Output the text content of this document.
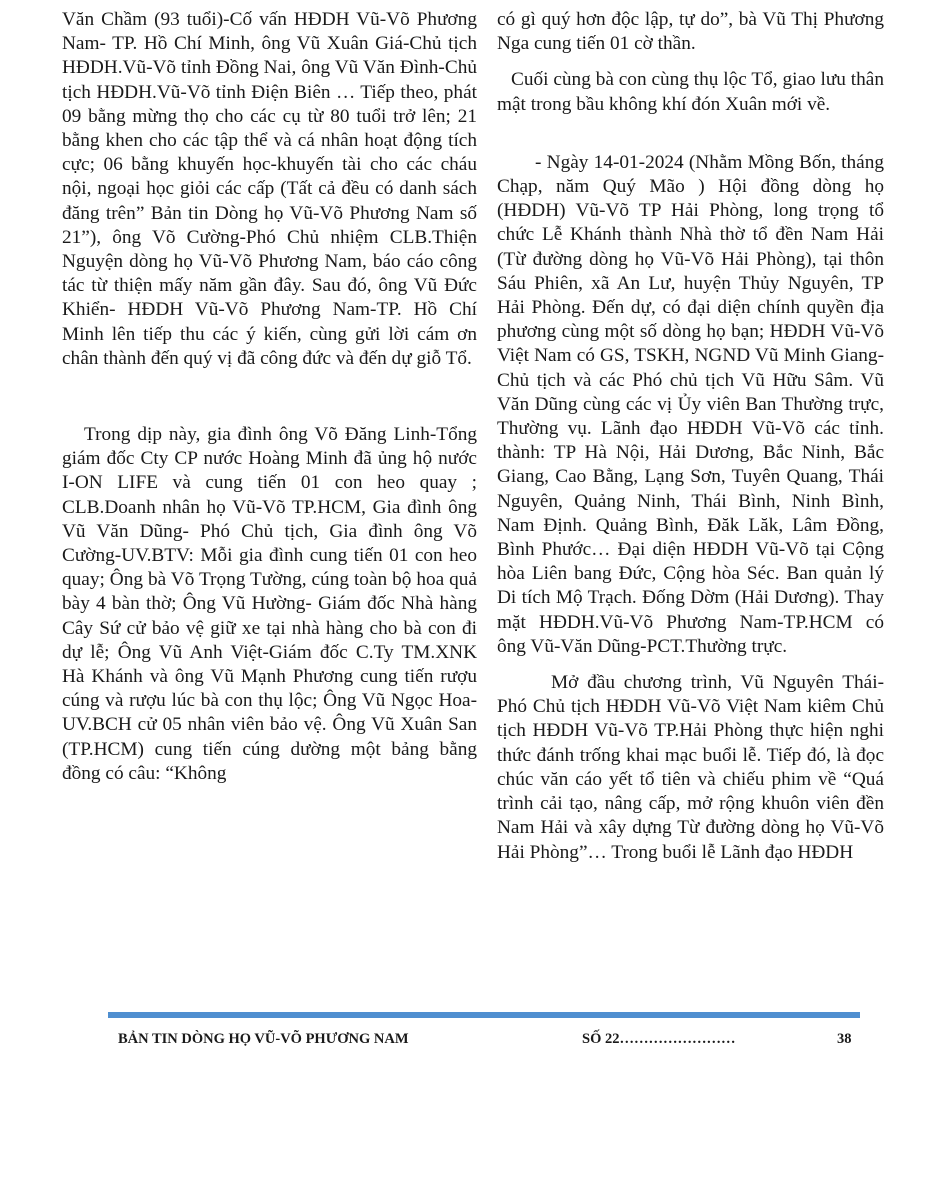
Văn Chầm (93 tuổi)-Cố vấn HĐDH Vũ-Võ Phương Nam- TP. Hồ Chí Minh, ông Vũ Xuân Giá-Chủ tịch HĐDH.Vũ-Võ tỉnh Đồng Nai, ông Vũ Văn Đình-Chủ tịch HĐDH.Vũ-Võ tỉnh Điện Biên … Tiếp theo, phát 09 bằng mừng thọ cho các cụ từ 80 tuổi trở lên; 21 bằng khen cho các tập thể và cá nhân hoạt động tích cực; 06 bằng khuyến học-khuyến tài cho các cháu nội, ngoại học giỏi các cấp (Tất cả đều có danh sách đăng trên” Bản tin Dòng họ Vũ-Võ Phương Nam số 21”), ông Võ Cường-Phó Chủ nhiệm CLB.Thiện Nguyện dòng họ Vũ-Võ Phương Nam, báo cáo công tác từ thiện mấy năm gần đây. Sau đó, ông Vũ Đức Khiển- HĐDH Vũ-Võ Phương Nam-TP. Hồ Chí Minh lên tiếp thu các ý kiến, cùng gửi lời cám ơn chân thành đến quý vị đã công đức và đến dự giỗ Tổ.

Trong dịp này, gia đình ông Võ Đăng Linh-Tổng giám đốc Cty CP nước Hoàng Minh đã ủng hộ nước I-ON LIFE và cung tiến 01 con heo quay ; CLB.Doanh nhân họ Vũ-Võ TP.HCM, Gia đình ông Vũ Văn Dũng- Phó Chủ tịch, Gia đình ông Võ Cường-UV.BTV: Mỗi gia đình cung tiến 01 con heo quay; Ông bà Võ Trọng Tường, cúng toàn bộ hoa quả bày 4 bàn thờ; Ông Vũ Hường- Giám đốc Nhà hàng Cây Sứ cử bảo vệ giữ xe tại nhà hàng cho bà con đi dự lễ; Ông Vũ Anh Việt-Giám đốc C.Ty TM.XNK Hà Khánh và ông Vũ Mạnh Phương cung tiến rượu cúng và rượu lúc bà con thụ lộc; Ông Vũ Ngọc Hoa-UV.BCH cử 05 nhân viên bảo vệ. Ông Vũ Xuân San (TP.HCM) cung tiến cúng dường một bảng bằng đồng có câu: “Không

có gì quý hơn độc lập, tự do”, bà Vũ Thị Phương Nga cung tiến 01 cờ thần.

Cuối cùng bà con cùng thụ lộc Tổ, giao lưu thân mật trong bầu không khí đón Xuân mới về.

- Ngày 14-01-2024 (Nhằm Mồng Bốn, tháng Chạp, năm Quý Mão ) Hội đồng dòng họ (HĐDH) Vũ-Võ TP Hải Phòng, long trọng tổ chức Lễ Khánh thành Nhà thờ tổ đền Nam Hải (Từ đường dòng họ Vũ-Võ Hải Phòng), tại thôn Sáu Phiên, xã An Lư, huyện Thủy Nguyên, TP Hải Phòng. Đến dự, có đại diện chính quyền địa phương cùng một số dòng họ bạn; HĐDH Vũ-Võ Việt Nam có GS, TSKH, NGND Vũ Minh Giang-Chủ tịch và các Phó chủ tịch Vũ Hữu Sâm. Vũ Văn Dũng cùng các vị Ủy viên Ban Thường trực, Thường vụ. Lãnh đạo HĐDH Vũ-Võ các tỉnh. thành: TP Hà Nội, Hải Dương, Bắc Ninh, Bắc Giang, Cao Bằng, Lạng Sơn, Tuyên Quang, Thái Nguyên, Quảng Ninh, Thái Bình, Ninh Bình, Nam Định. Quảng Bình, Đăk Lăk, Lâm Đồng, Bình Phước… Đại diện HĐDH Vũ-Võ tại Cộng hòa Liên bang Đức, Cộng hòa Séc. Ban quản lý Di tích Mộ Trạch. Đống Dờm (Hải Dương). Thay mặt HĐDH.Vũ-Võ Phương Nam-TP.HCM có ông Vũ-Văn Dũng-PCT.Thường trực.

Mở đầu chương trình, Vũ Nguyên Thái-Phó Chủ tịch HĐDH Vũ-Võ Việt Nam kiêm Chủ tịch HĐDH Vũ-Võ TP.Hải Phòng thực hiện nghi thức đánh trống khai mạc buổi lễ. Tiếp đó, là đọc chúc văn cáo yết tổ tiên và chiếu phim về “Quá trình cải tạo, nâng cấp, mở rộng khuôn viên đền Nam Hải và xây dựng Từ đường dòng họ Vũ-Võ Hải Phòng”… Trong buổi lễ Lãnh đạo HĐDH

BẢN TIN DÒNG HỌ VŨ-VÕ PHƯƠNG NAM	SỐ 22……………………	38
